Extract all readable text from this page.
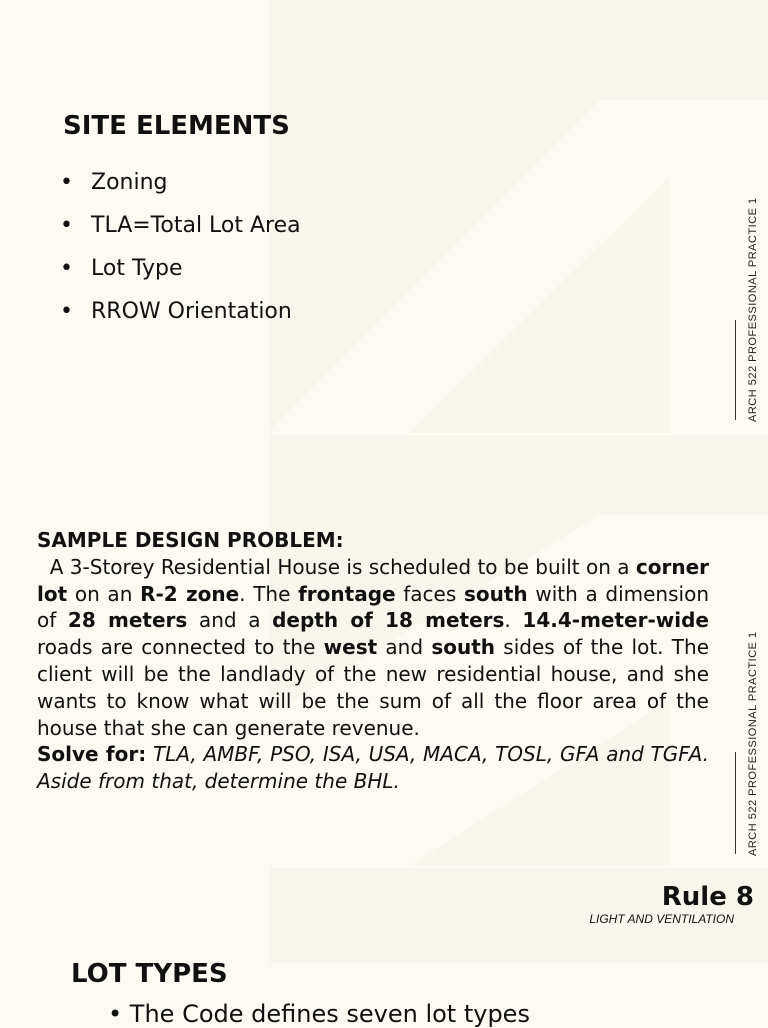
SITE ELEMENTS
• Zoning
• TLA=Total Lot Area
• Lot Type
• RROW Orientation	ARCH 522 PROFESSIONAL PRACTICE 1

SAMPLE DESIGN PROBLEM:
A 3-Storey Residential House is scheduled to be built on a corner lot on an R-2 zone. The frontage faces south with a dimension of 28 meters and a depth of 18 meters. 14.4-meter-wide roads are connected to the west and south sides of the lot. The client will be the landlady of the new residential house, and she wants to know what will be the sum of all the floor area of the house that she can generate revenue.
Solve for: TLA, AMBF, PSO, ISA, USA, MACA, TOSL, GFA and TGFA. Aside from that, determine the BHL.	ARCH 522 PROFESSIONAL PRACTICE 1
Rule 8
LIGHT AND VENTILATION
LOT TYPES
• The Code defines seven lot types
